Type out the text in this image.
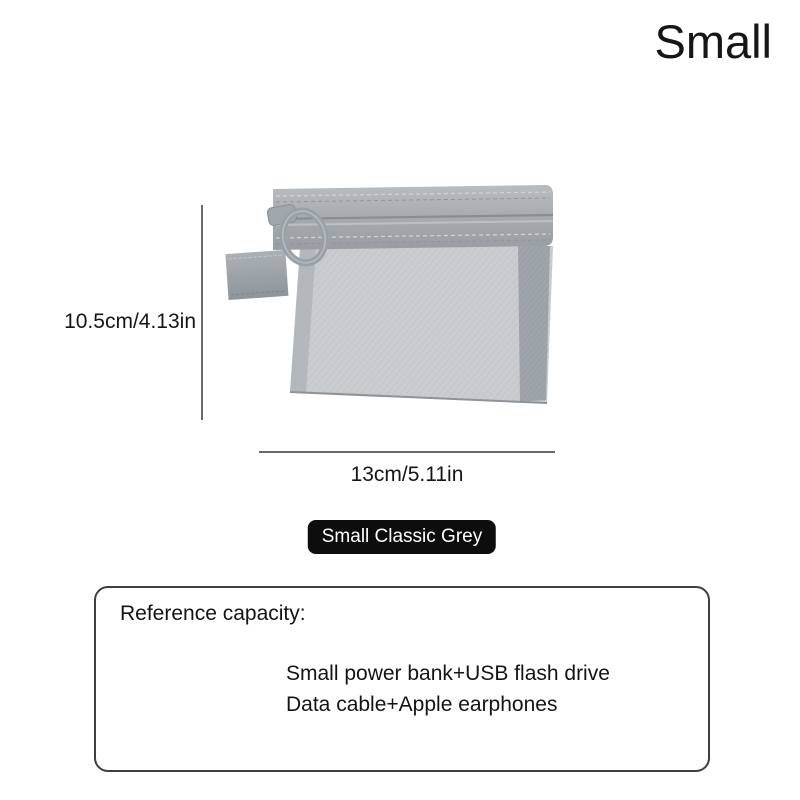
Small
10.5cm/4.13in
13cm/5.11in
Small Classic Grey
Reference capacity:
Small power bank+USB flash drive
Data cable+Apple earphones
